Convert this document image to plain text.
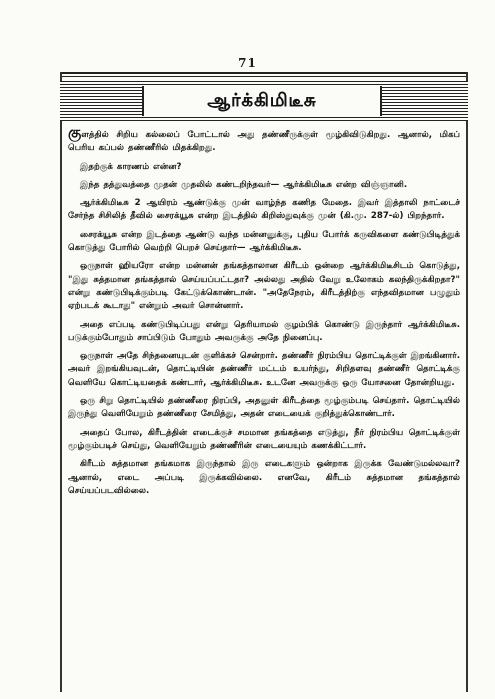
71
ஆர்க்கிமிடீசு

குளத்தில் சிறிய கல்லைப் போட்டால் அது தண்ணீருக்குள் மூழ்கிவிடுகிறது. ஆனால், மிகப் பெரிய கப்பல் தண்ணீரில் மிதக்கிறது.

இதற்குக் காரணம் என்ன?

இந்த தத்துவத்தை முதன் முதலில் கண்டறிந்தவர்— ஆர்க்கிமிடீசு என்ற விஞ்ஞானி.

ஆர்க்கிமிடீசு 2 ஆயிரம் ஆண்டுக்கு முன் வாழ்ந்த கணித மேதை. இவர் இத்தாலி நாட்டைச் சேர்ந்த சிசிலித் தீவில் சைரக்யூசு என்ற இடத்தில் கிறிஸ்துவுக்கு முன் (கி.மு. 287-ல்) பிறந்தார்.

சைரக்யூசு என்ற இடத்தை ஆண்டு வந்த மன்னனுக்கு, புதிய போர்க் கருவிகளை கண்டுபிடித்துக் கொடுத்து போரில் வெற்றி பெறச் செய்தார்— ஆர்க்கிமிடீசு.

ஒருநாள் ஹியரோ என்ற மன்னன் தங்கத்தாலான கிரீடம் ஒன்றை ஆர்க்கிமிடீசிடம் கொடுத்து, "இது சுத்தமான தங்கத்தால் செய்யப்பட்டதா? அல்லது அதில் வேறு உலோகம் கலந்திருக்கிறதா?" என்று கண்டுபிடிக்கும்படி கேட்டுக்கொண்டான். "அதேநேரம், கிரீடத்திற்கு எந்தவிதமான பழுதும் ஏற்படக் கூடாது" என்றும் அவர் சொன்னார்.

அதை எப்படி கண்டுபிடிப்பது என்று தெரியாமல் குழம்பிக் கொண்டு இருந்தார் ஆர்க்கிமிடீசு. படுக்கும்போதும் சாப்பிடும் போதும் அவருக்கு அதே நினைப்பு.

ஒருநாள் அதே சிந்தனையுடன் குளிக்கச் சென்றார். தண்ணீர் நிரம்பிய தொட்டிக்குள் இறங்கினார். அவர் இறங்கியவுடன், தொட்டியின் தண்ணீர் மட்டம் உயர்ந்து, சிறிதளவு தண்ணீர் தொட்டிக்கு வெளியே கொட்டியதைக் கண்டார், ஆர்க்கிமிடீசு. உடனே அவருக்கு ஒரு யோசனை தோன்றியது.

ஒரு சிறு தொட்டியில் தண்ணீரை நிரப்பி, அதனுள் கிரீடத்தை மூழ்கும்படி செய்தார். தொட்டியில் இருந்து வெளியேறும் தண்ணீரை சேமித்து, அதன் எடையைக் குறித்துக்கொண்டார்.

அதைப் போல, கிரீடத்தின் எடைக்குச் சமமான தங்கத்தை எடுத்து, நீர் நிரம்பிய தொட்டிக்குள் மூழ்கும்படிச் செய்து, வெளியேறும் தண்ணீரின் எடையையும் கணக்கிட்டார்.

கிரீடம் சுத்தமான தங்கமாக இருந்தால் இரு எடைகளும் ஒன்றாக இருக்க வேண்டுமல்லவா? ஆனால், எடை அப்படி இருக்கவில்லை. எனவே, கிரீடம் சுத்தமான தங்கத்தால் செய்யப்படவில்லை.
